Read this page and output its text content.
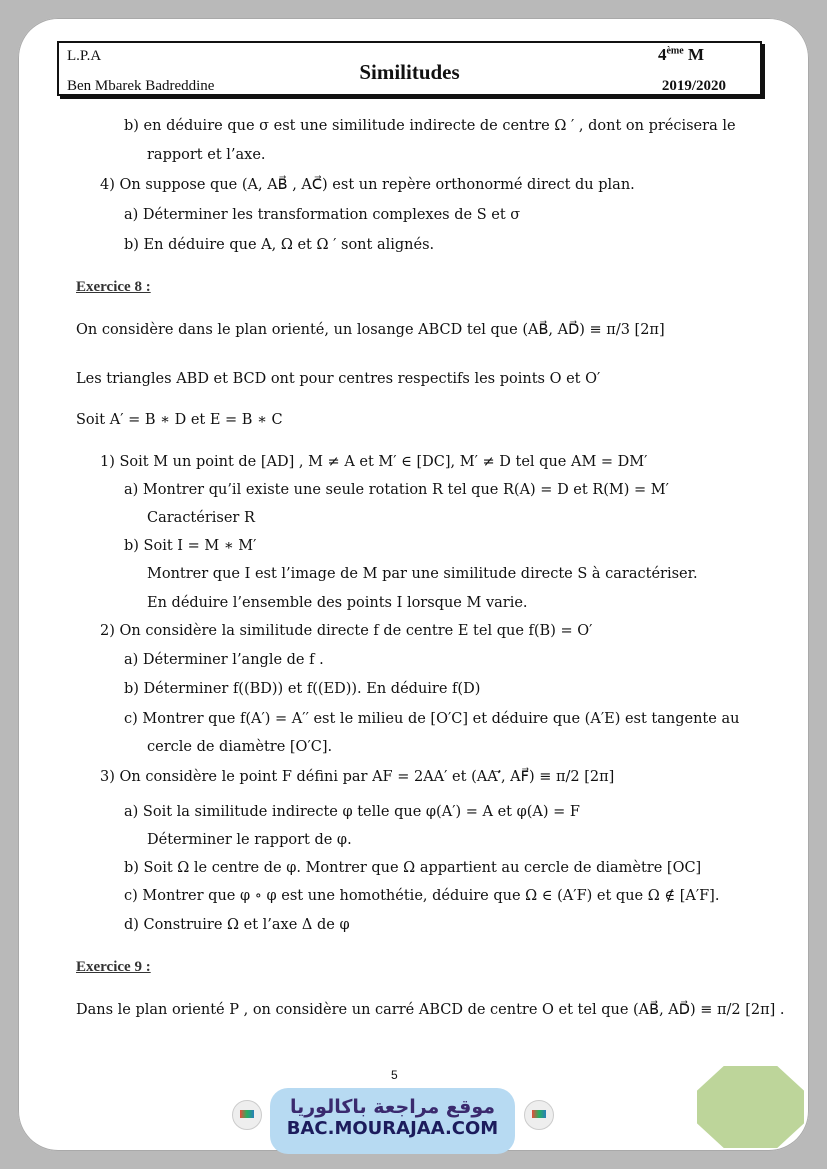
L.P.A
Ben Mbarek Badreddine
Similitudes
4ème M
2019/2020
b) en déduire que σ est une similitude indirecte de centre Ω ′ , dont on précisera le
rapport et l’axe.
4) On suppose que (A, AB⃗ , AC⃗) est un repère orthonormé direct du plan.
a) Déterminer les transformation complexes de S et σ
b) En déduire que A, Ω et Ω ′ sont alignés.
Exercice 8 :
On considère dans le plan orienté, un losange ABCD tel que (AB⃗, AD⃗) ≡ π/3 [2π]
Les triangles ABD et BCD ont pour centres respectifs les points O et O′
Soit A′ = B ∗ D et E = B ∗ C
1) Soit M un point de [AD] , M ≠ A et M′ ∈ [DC], M′ ≠ D tel que AM = DM′
a) Montrer qu’il existe une seule rotation R tel que R(A) = D et R(M) = M′
Caractériser R
b) Soit I = M ∗ M′
Montrer que I est l’image de M par une similitude directe S à caractériser.
En déduire l’ensemble des points I lorsque M varie.
2) On considère la similitude directe f de centre E tel que f(B) = O′
a) Déterminer l’angle de f .
b) Déterminer f((BD)) et f((ED)). En déduire f(D)
c) Montrer que f(A′) = A′′ est le milieu de [O′C] et déduire que (A′E) est tangente au
cercle de diamètre [O′C].
3) On considère le point F défini par AF = 2AA′ et (AA′⃗, AF⃗) ≡ π/2 [2π]
a) Soit la similitude indirecte φ telle que φ(A′) = A et φ(A) = F
Déterminer le rapport de φ.
b) Soit Ω le centre de φ. Montrer que Ω appartient au cercle de diamètre [OC]
c) Montrer que φ ∘ φ est une homothétie, déduire que Ω ∈ (A′F) et que Ω ∉ [A′F].
d) Construire Ω et l’axe Δ de φ
Exercice 9 :
Dans le plan orienté P , on considère un carré ABCD de centre O et tel que (AB⃗, AD⃗) ≡ π/2 [2π] .
5
موقع مراجعة باكالوريا
BAC.MOURAJAA.COM
